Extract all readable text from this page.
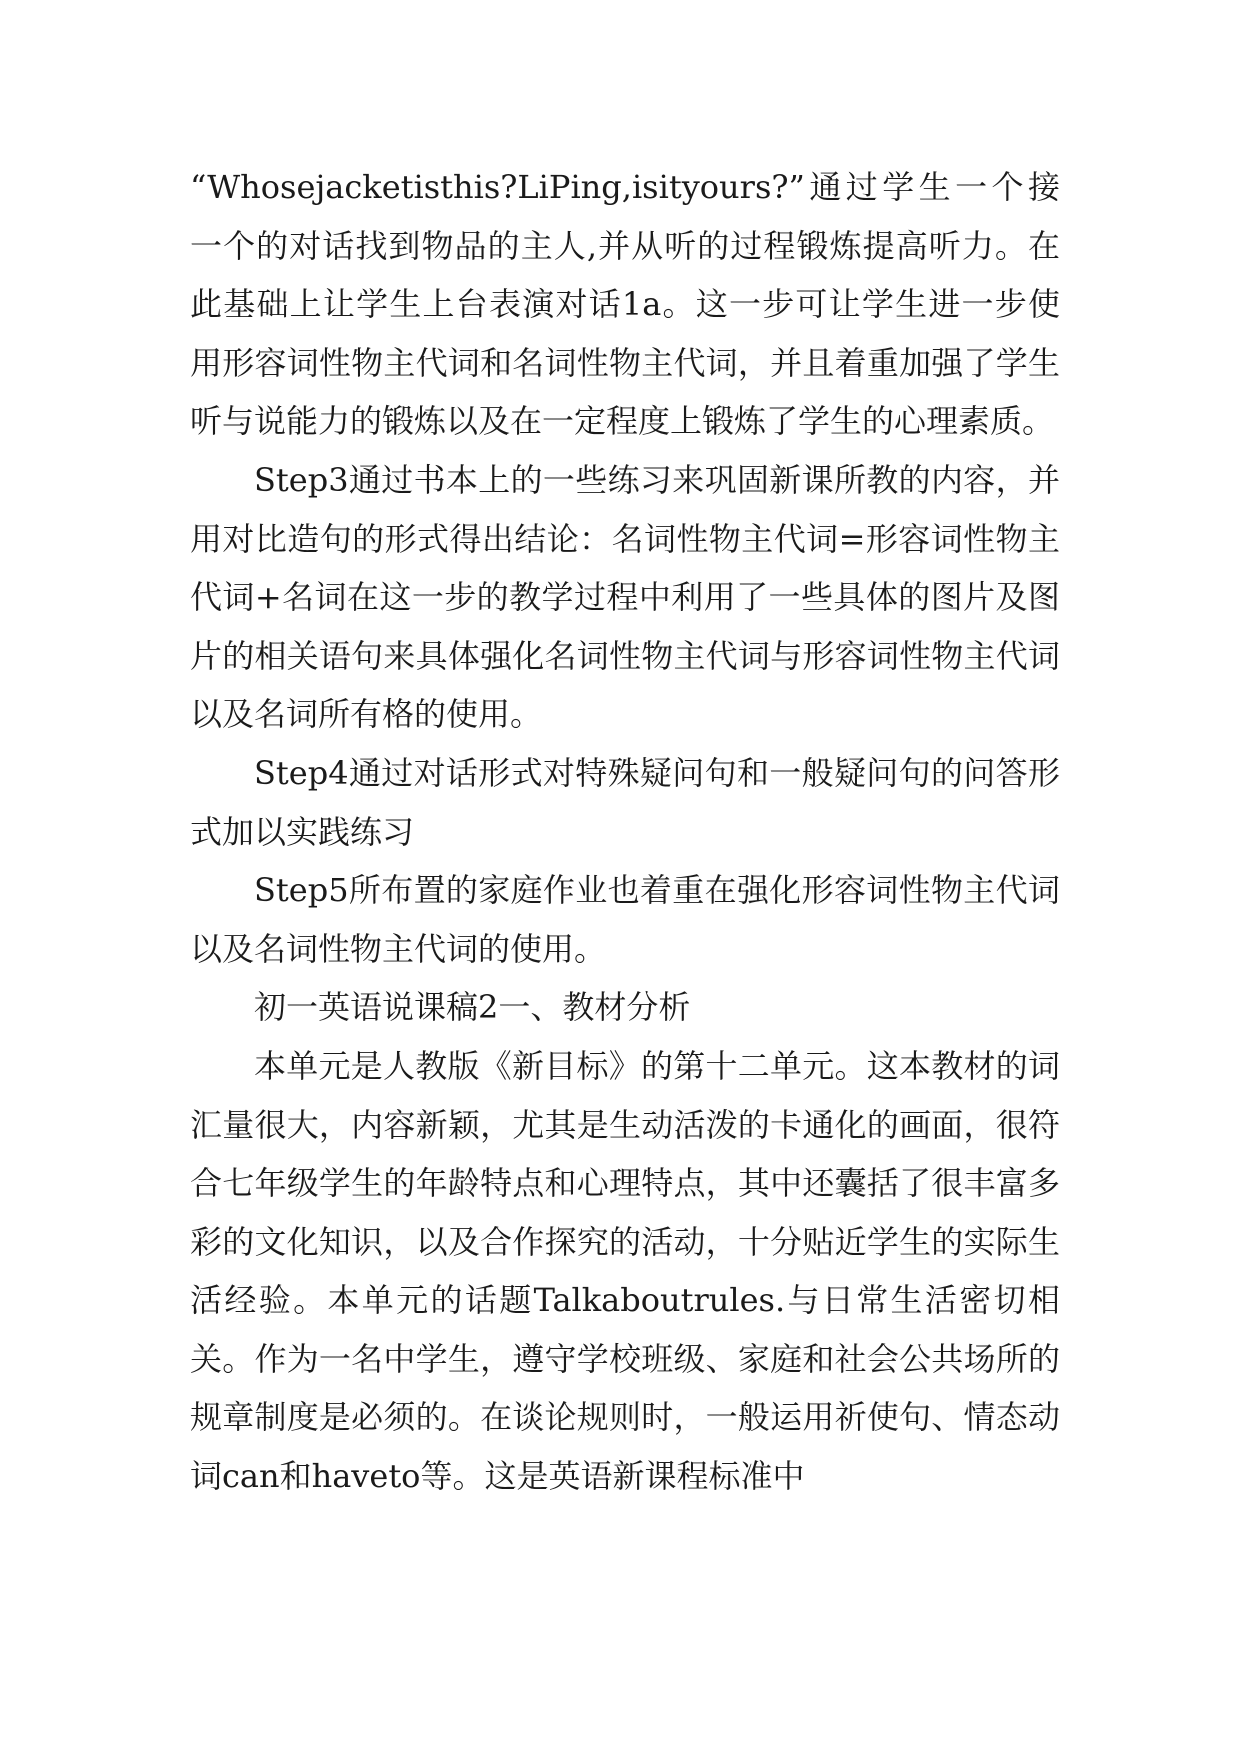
“Whosejacketisthis?LiPing,isityours?”通过学生一个接一个的对话找到物品的主人,并从听的过程锻炼提高听力。在此基础上让学生上台表演对话1a。这一步可让学生进一步使用形容词性物主代词和名词性物主代词，并且着重加强了学生听与说能力的锻炼以及在一定程度上锻炼了学生的心理素质。

Step3通过书本上的一些练习来巩固新课所教的内容，并用对比造句的形式得出结论：名词性物主代词=形容词性物主代词+名词在这一步的教学过程中利用了一些具体的图片及图片的相关语句来具体强化名词性物主代词与形容词性物主代词以及名词所有格的使用。

Step4通过对话形式对特殊疑问句和一般疑问句的问答形式加以实践练习

Step5所布置的家庭作业也着重在强化形容词性物主代词以及名词性物主代词的使用。

初一英语说课稿2一、教材分析

本单元是人教版《新目标》的第十二单元。这本教材的词汇量很大，内容新颖，尤其是生动活泼的卡通化的画面，很符合七年级学生的年龄特点和心理特点，其中还囊括了很丰富多彩的文化知识，以及合作探究的活动，十分贴近学生的实际生活经验。本单元的话题Talkaboutrules.与日常生活密切相关。作为一名中学生，遵守学校班级、家庭和社会公共场所的规章制度是必须的。在谈论规则时，一般运用祈使句、情态动词can和haveto等。这是英语新课程标准中
